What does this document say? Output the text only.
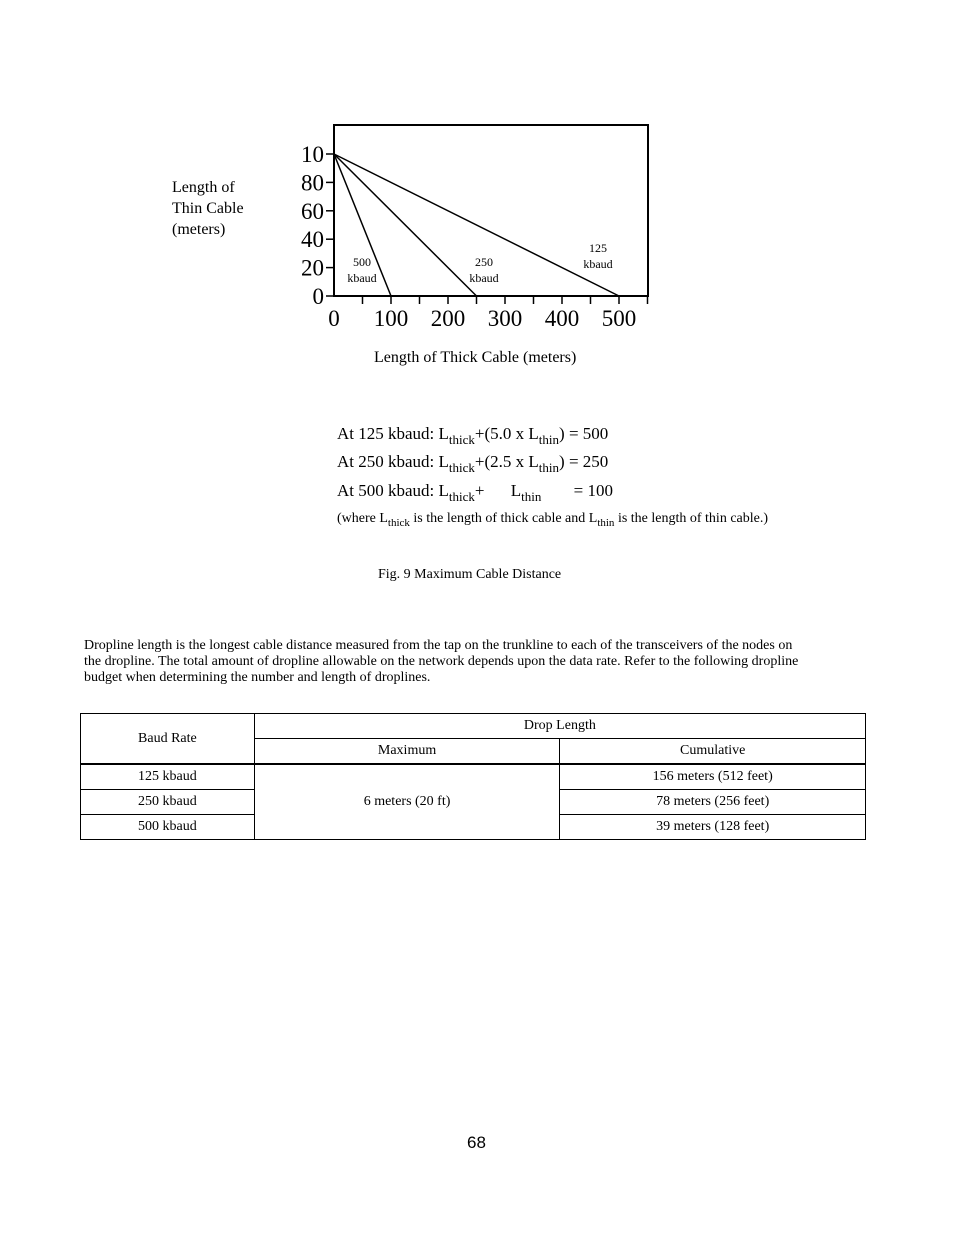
10
80
60
40
20
0
0 100 200 300 400 500
500
kbaud
250
kbaud
125
kbaud
Length of
Thin Cable
(meters)
Length of Thick Cable (meters)
At 125 kbaud: $L_{thick}+(5.0$ x $L_{thin}) = 500$
At 250 kbaud: $L_{thick}+(2.5$ x $L_{thin}) = 250$
At 500 kbaud: $L_{thick}+ L_{thin} = 100$
(where $L_{thick}$ is the length of thick cable and $L_{thin}$ is the length of thin cable.)
Fig. 9 Maximum Cable Distance
Dropline length is the longest cable distance measured from the tap on the trunkline to each of the transceivers of the nodes on
the dropline. The total amount of dropline allowable on the network depends upon the data rate. Refer to the following dropline
budget when determining the number and length of droplines.
Baud Rate	Drop Length	
	Maximum	Cumulative
125 kbaud	6 meters (20 ft)	156 meters (512 feet)
250 kbaud		78 meters (256 feet)
500 kbaud		39 meters (128 feet)
68
